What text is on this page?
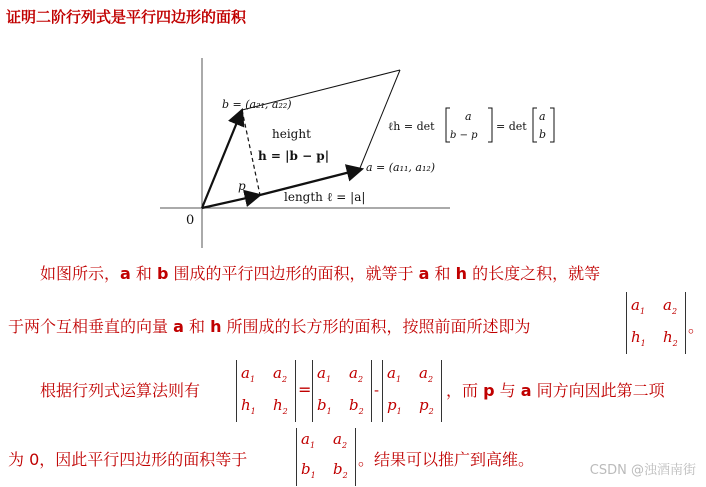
证明二阶行列式是平行四边形的面积
0
b = (a₂₁, a₂₂)
height
h = |b − p|
p
length ℓ = |a|
a = (a₁₁, a₁₂)
ℓh = det
a
b − p
= det
a
b
如图所示，a 和 b 围成的平行四边形的面积，就等于 a 和 h 的长度之积，就等
于两个互相垂直的向量 a 和 h 所围成的长方形的面积，按照前面所述即为
$a_1$ $a_2$
$h_1$ $h_2$
。
根据行列式运算法则有
$a_1$ $a_2$
$h_1$ $h_2$
=
$a_1$ $a_2$
$b_1$ $b_2$
-
$a_1$ $a_2$
$p_1$ $p_2$
，而 p 与 a 同方向因此第二项
为 0，因此平行四边形的面积等于
$a_1$ $a_2$
$b_1$ $b_2$
。结果可以推广到高维。
CSDN @浊酒南街
